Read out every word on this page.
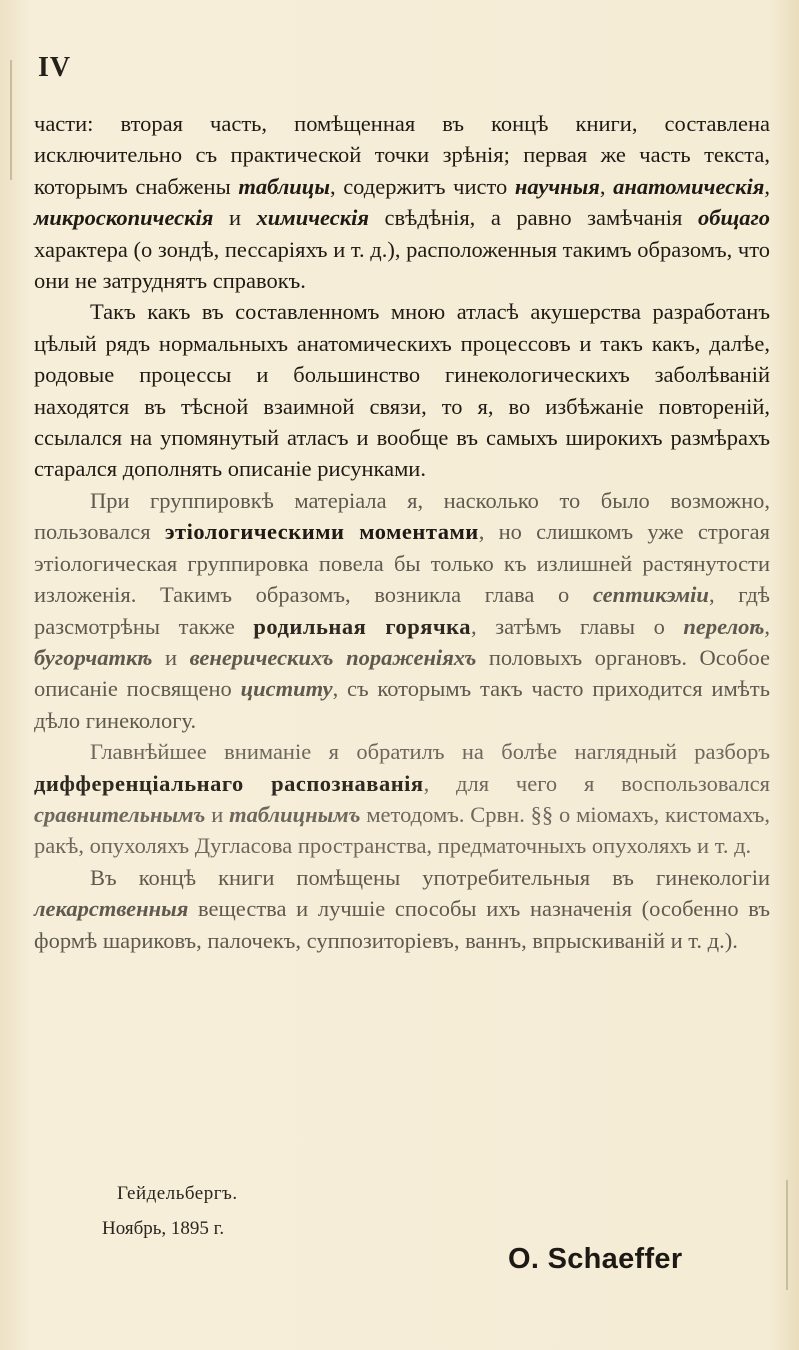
IV

части: вторая часть, помѣщенная въ концѣ книги, составлена исключительно съ практической точки зрѣнія; первая же часть текста, которымъ снабжены таблицы, содержитъ чисто научныя, анатомическія, микроскопическія и химическія свѣдѣнія, а равно замѣчанія общаго характера (о зондѣ, пессаріяхъ и т. д.), расположенныя такимъ образомъ, что они не затруднятъ справокъ.

Такъ какъ въ составленномъ мною атласѣ акушерства разработанъ цѣлый рядъ нормальныхъ анатомическихъ процессовъ и такъ какъ, далѣе, родовые процессы и большинство гинекологическихъ заболѣваній находятся въ тѣсной взаимной связи, то я, во избѣжаніе повтореній, ссылался на упомянутый атласъ и вообще въ самыхъ широкихъ размѣрахъ старался дополнять описаніе рисунками.

При группировкѣ матеріала я, насколько то было возможно, пользовался этіологическими моментами, но слишкомъ уже строгая этіологическая группировка повела бы только къ излишней растянутости изложенія. Такимъ образомъ, возникла глава о септикэміи, гдѣ разсмотрѣны также родильная горячка, затѣмъ главы о перелоѣ, бугорчаткѣ и венерическихъ пораженіяхъ половыхъ органовъ. Особое описаніе посвящено циститу, съ которымъ такъ часто приходится имѣть дѣло гинекологу.

Главнѣйшее вниманіе я обратилъ на болѣе наглядный разборъ дифференціальнаго распознаванія, для чего я воспользовался сравнительнымъ и таблицнымъ методомъ. Срвн. §§ о міомахъ, кистомахъ, ракѣ, опухоляхъ Дугласова пространства, предматочныхъ опухоляхъ и т. д.

Въ концѣ книги помѣщены употребительныя въ гинекологіи лекарственныя вещества и лучшіе способы ихъ назначенія (особенно въ формѣ шариковъ, палочекъ, суппозиторіевъ, ваннъ, впрыскиваній и т. д.).

Гейдельбергъ.
Ноябрь, 1895 г.
O. Schaeffer
